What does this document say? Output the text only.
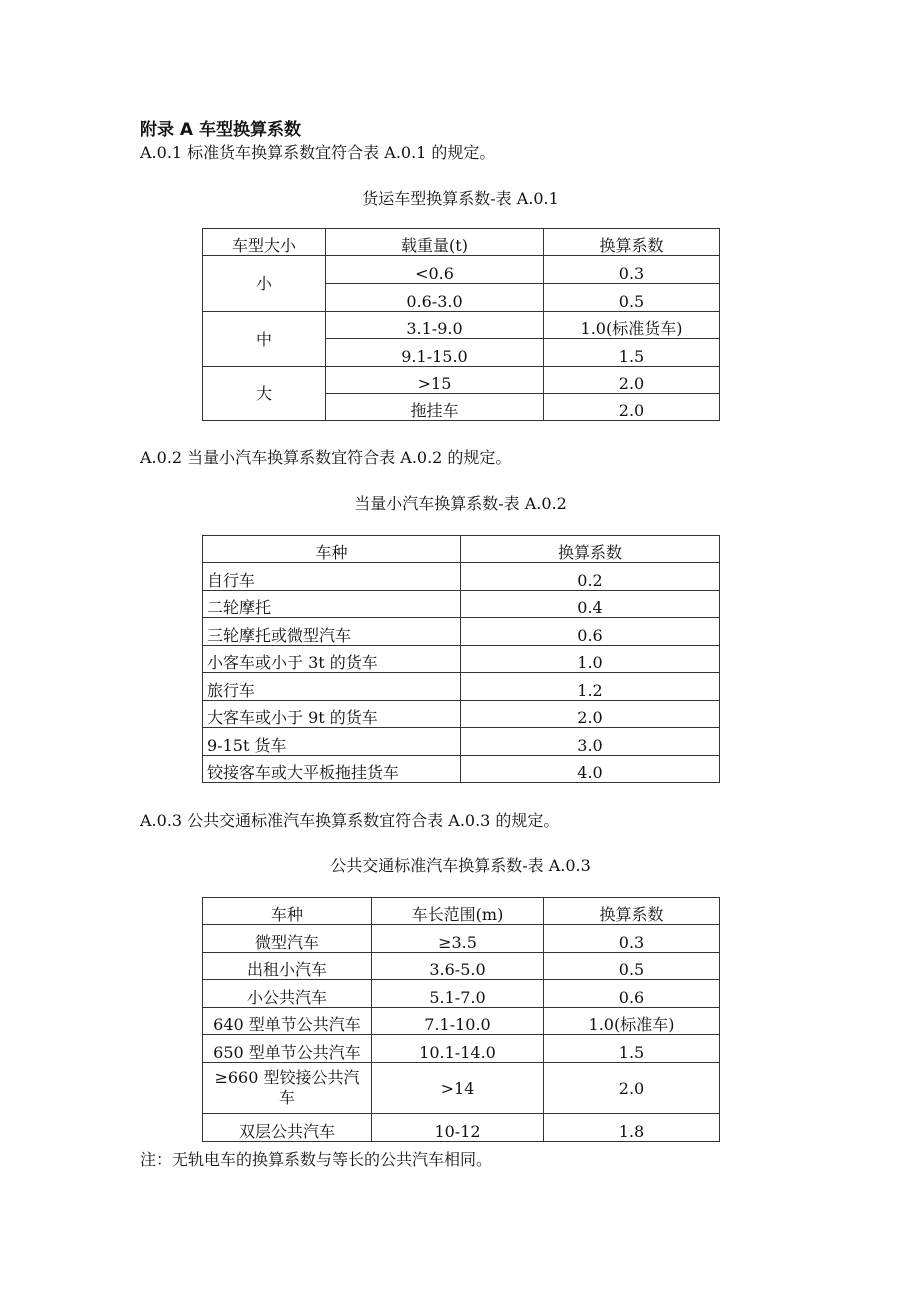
附录 A 车型换算系数
A.0.1 标准货车换算系数宜符合表 A.0.1 的规定。
货运车型换算系数-表 A.0.1
车型大小	载重量(t)	换算系数
小	<0.6	0.3
	0.6-3.0	0.5
中	3.1-9.0	1.0(标准货车)
	9.1-15.0	1.5
大	>15	2.0
	拖挂车	2.0
A.0.2 当量小汽车换算系数宜符合表 A.0.2 的规定。
当量小汽车换算系数-表 A.0.2
车种	换算系数
自行车	0.2
二轮摩托	0.4
三轮摩托或微型汽车	0.6
小客车或小于 3t 的货车	1.0
旅行车	1.2
大客车或小于 9t 的货车	2.0
9-15t 货车	3.0
铰接客车或大平板拖挂货车	4.0
A.0.3 公共交通标准汽车换算系数宜符合表 A.0.3 的规定。
公共交通标准汽车换算系数-表 A.0.3
车种	车长范围(m)	换算系数
微型汽车	≥3.5	0.3
出租小汽车	3.6-5.0	0.5
小公共汽车	5.1-7.0	0.6
640 型单节公共汽车	7.1-10.0	1.0(标准车)
650 型单节公共汽车	10.1-14.0	1.5
≥660 型铰接公共汽车	>14	2.0
双层公共汽车	10-12	1.8
注：无轨电车的换算系数与等长的公共汽车相同。
